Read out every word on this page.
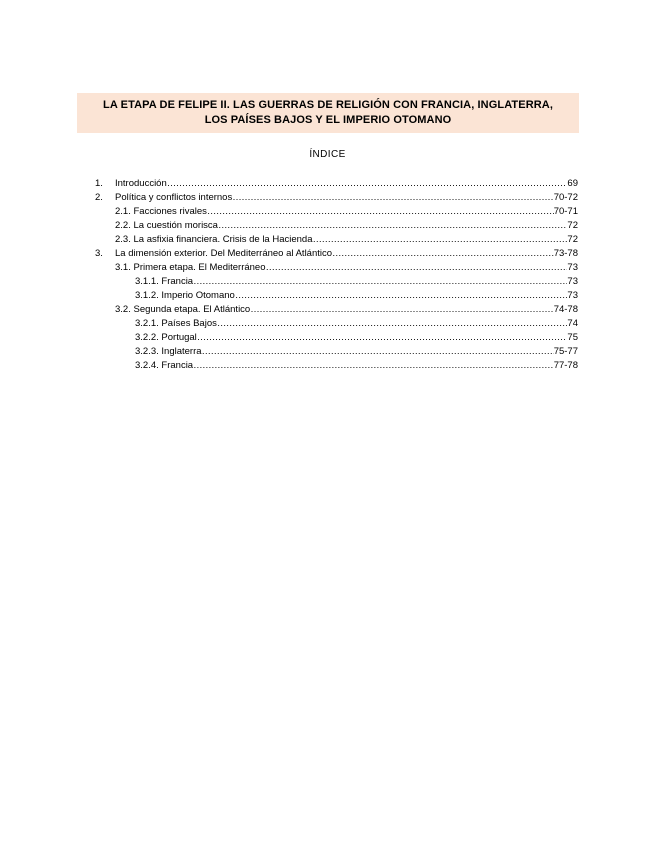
LA ETAPA DE FELIPE II. LAS GUERRAS DE RELIGIÓN CON FRANCIA, INGLATERRA,
LOS PAÍSES BAJOS Y EL IMPERIO OTOMANO
ÍNDICE
1.	Introducción …………………………………………………………………………………………………………………………………………………………………………	69
2.	Política y conflictos internos …………………………………………………………………………………………………………………………………………………………………………	70-72
2.1. Facciones rivales …………………………………………………………………………………………………………………………………………………………………………	70-71
2.2. La cuestión morisca …………………………………………………………………………………………………………………………………………………………………………	72
2.3. La asfixia financiera. Crisis de la Hacienda …………………………………………………………………………………………………………………………………………………………………………	72
3.	La dimensión exterior. Del Mediterráneo al Atlántico …………………………………………………………………………………………………………………………………………………………………………	73-78
3.1. Primera etapa. El Mediterráneo …………………………………………………………………………………………………………………………………………………………………………	73
3.1.1. Francia …………………………………………………………………………………………………………………………………………………………………………	73
3.1.2. Imperio Otomano …………………………………………………………………………………………………………………………………………………………………………	73
3.2. Segunda etapa. El Atlántico …………………………………………………………………………………………………………………………………………………………………………	74-78
3.2.1. Países Bajos …………………………………………………………………………………………………………………………………………………………………………	74
3.2.2. Portugal …………………………………………………………………………………………………………………………………………………………………………	75
3.2.3. Inglaterra …………………………………………………………………………………………………………………………………………………………………………	75-77
3.2.4. Francia …………………………………………………………………………………………………………………………………………………………………………	77-78
